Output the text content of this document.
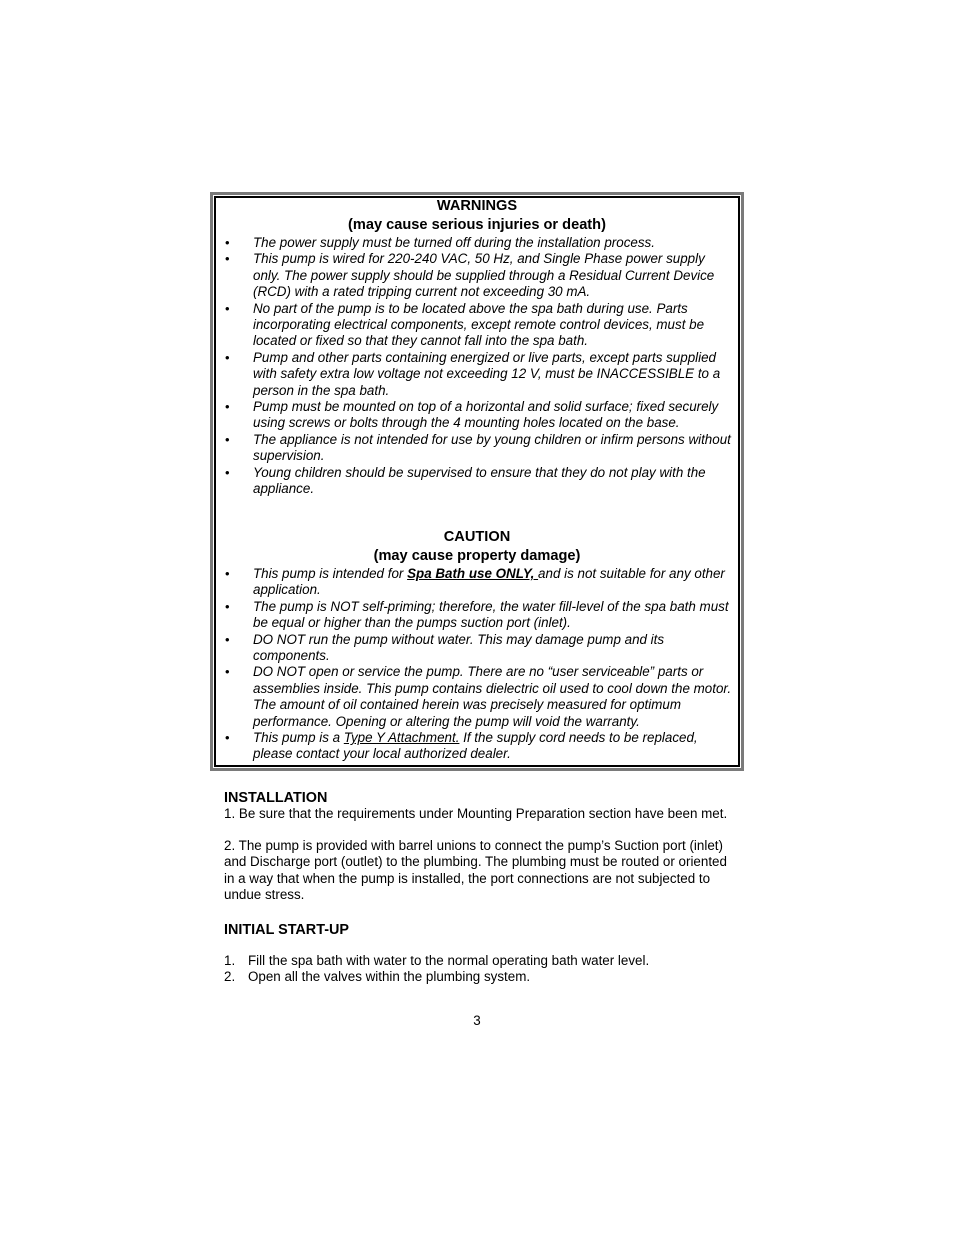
WARNINGS

(may cause serious injuries or death)

• The power supply must be turned off during the installation process.
• This pump is wired for 220-240 VAC, 50 Hz, and Single Phase power supply only. The power supply should be supplied through a Residual Current Device (RCD) with a rated tripping current not exceeding 30 mA.
• No part of the pump is to be located above the spa bath during use. Parts incorporating electrical components, except remote control devices, must be located or fixed so that they cannot fall into the spa bath.
• Pump and other parts containing energized or live parts, except parts supplied with safety extra low voltage not exceeding 12 V, must be INACCESSIBLE to a person in the spa bath.
• Pump must be mounted on top of a horizontal and solid surface; fixed securely using screws or bolts through the 4 mounting holes located on the base.
• The appliance is not intended for use by young children or infirm persons without supervision.
• Young children should be supervised to ensure that they do not play with the appliance.

CAUTION

(may cause property damage)

• This pump is intended for Spa Bath use ONLY, and is not suitable for any other application.
• The pump is NOT self-priming; therefore, the water fill-level of the spa bath must be equal or higher than the pumps suction port (inlet).
• DO NOT run the pump without water. This may damage pump and its components.
• DO NOT open or service the pump. There are no “user serviceable” parts or assemblies inside. This pump contains dielectric oil used to cool down the motor. The amount of oil contained herein was precisely measured for optimum performance. Opening or altering the pump will void the warranty.
• This pump is a Type Y Attachment. If the supply cord needs to be replaced, please contact your local authorized dealer.

INSTALLATION

1. Be sure that the requirements under Mounting Preparation section have been met.

2. The pump is provided with barrel unions to connect the pump’s Suction port (inlet) and Discharge port (outlet) to the plumbing. The plumbing must be routed or oriented in a way that when the pump is installed, the port connections are not subjected to undue stress.

INITIAL START-UP

1. Fill the spa bath with water to the normal operating bath water level.
2. Open all the valves within the plumbing system.

3
